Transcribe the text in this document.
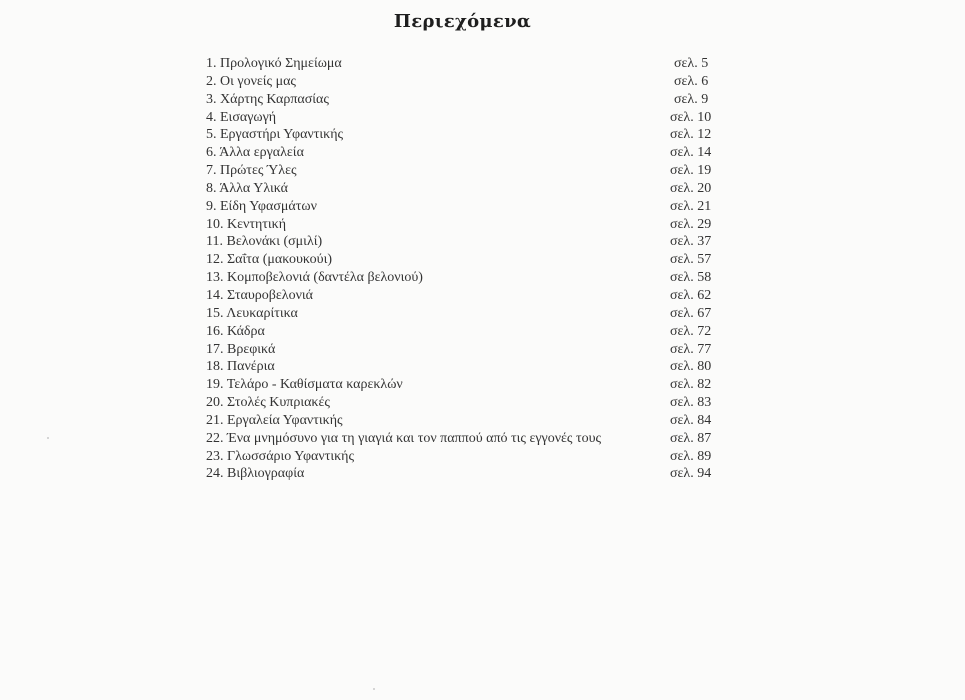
Περιεχόμενα
1. Προλογικό Σημείωμα	σελ. 5
2. Οι γονείς μας	σελ. 6
3. Χάρτης Καρπασίας	σελ. 9
4. Εισαγωγή	σελ. 10
5. Εργαστήρι Υφαντικής	σελ. 12
6. Άλλα εργαλεία	σελ. 14
7. Πρώτες Ύλες	σελ. 19
8. Άλλα Υλικά	σελ. 20
9. Είδη Υφασμάτων	σελ. 21
10. Κεντητική	σελ. 29
11. Βελονάκι (σμιλί)	σελ. 37
12. Σαΐτα (μακουκούι)	σελ. 57
13. Κομποβελονιά (δαντέλα βελονιού)	σελ. 58
14. Σταυροβελονιά	σελ. 62
15. Λευκαρίτικα	σελ. 67
16. Κάδρα	σελ. 72
17. Βρεφικά	σελ. 77
18. Πανέρια	σελ. 80
19. Τελάρο - Καθίσματα καρεκλών	σελ. 82
20. Στολές Κυπριακές	σελ. 83
21. Εργαλεία Υφαντικής	σελ. 84
22. Ένα μνημόσυνο για τη γιαγιά και τον παππού από τις εγγονές τους	σελ. 87
23. Γλωσσάριο Υφαντικής	σελ. 89
24. Βιβλιογραφία	σελ. 94
